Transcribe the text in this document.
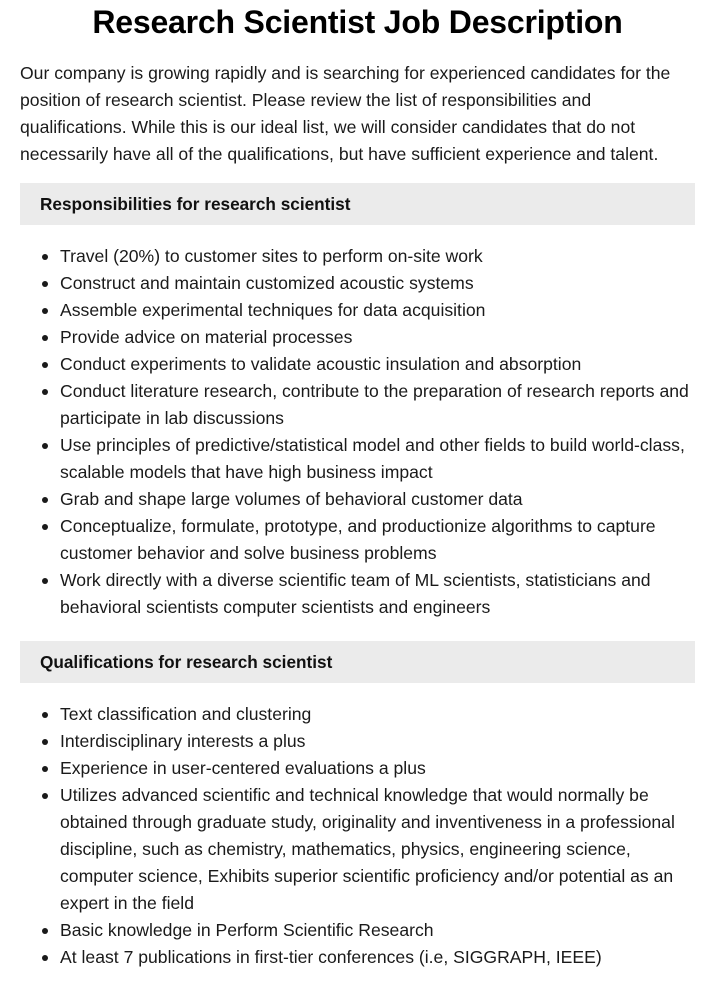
Research Scientist Job Description

Our company is growing rapidly and is searching for experienced candidates for the position of research scientist. Please review the list of responsibilities and qualifications. While this is our ideal list, we will consider candidates that do not necessarily have all of the qualifications, but have sufficient experience and talent.

Responsibilities for research scientist
Travel (20%) to customer sites to perform on-site work
Construct and maintain customized acoustic systems
Assemble experimental techniques for data acquisition
Provide advice on material processes
Conduct experiments to validate acoustic insulation and absorption
Conduct literature research, contribute to the preparation of research reports and participate in lab discussions
Use principles of predictive/statistical model and other fields to build world-class, scalable models that have high business impact
Grab and shape large volumes of behavioral customer data
Conceptualize, formulate, prototype, and productionize algorithms to capture customer behavior and solve business problems
Work directly with a diverse scientific team of ML scientists, statisticians and behavioral scientists computer scientists and engineers
Qualifications for research scientist
Text classification and clustering
Interdisciplinary interests a plus
Experience in user-centered evaluations a plus
Utilizes advanced scientific and technical knowledge that would normally be obtained through graduate study, originality and inventiveness in a professional discipline, such as chemistry, mathematics, physics, engineering science, computer science, Exhibits superior scientific proficiency and/or potential as an expert in the field
Basic knowledge in Perform Scientific Research
At least 7 publications in first-tier conferences (i.e, SIGGRAPH, IEEE)
